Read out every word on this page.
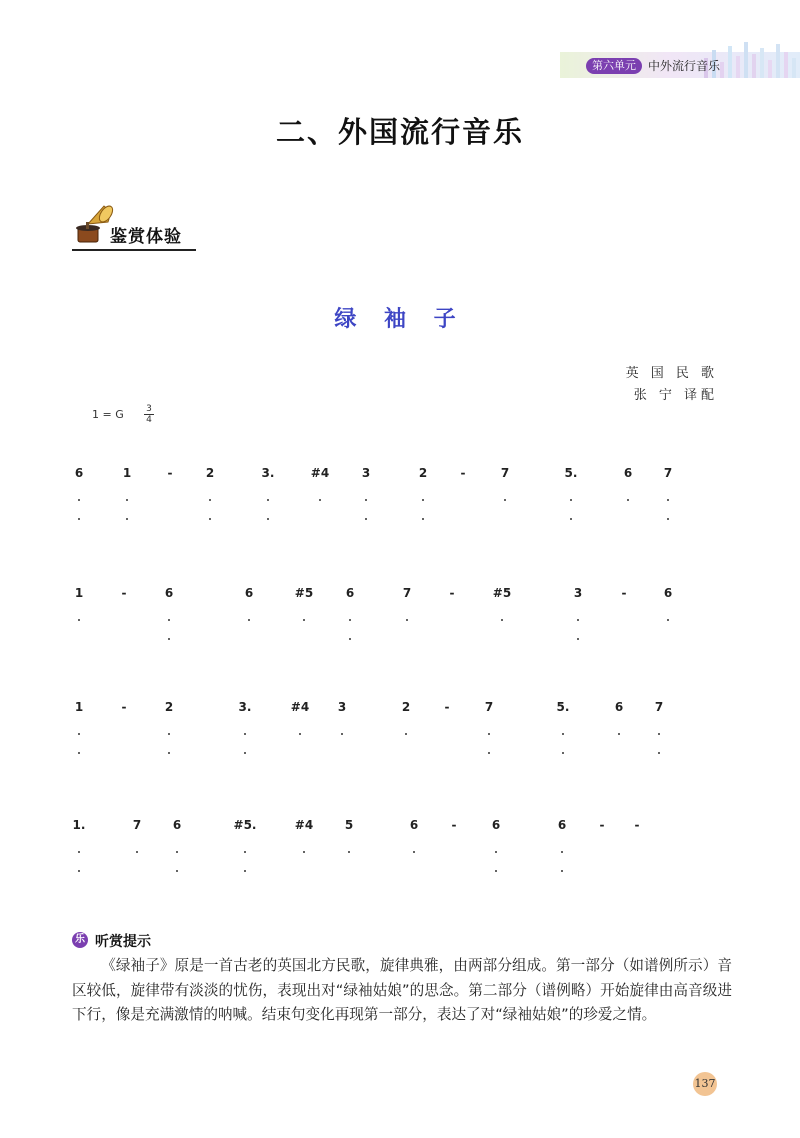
第六单元	中外流行音乐
二、外国流行音乐
鉴赏体验
绿 袖 子
英 国 民 歌
张 宁 译配
1 = G 3
4
6	1	-	2	3.	#4	3	2	-	7	5.	6	7
1	-	6	6	#5	6	7	-	#5	3	-	6
1	-	2	3.	#4 3	2	-	7	5.	6	7
1.	7	6	#5.	#4	5	6	-	6	6	-	-
乐 听赏提示
《绿袖子》原是一首古老的英国北方民歌，旋律典雅，由两部分组成。第一部分（如谱例所示）音区较低，旋律带有淡淡的忧伤，表现出对“绿袖姑娘”的思念。第二部分（谱例略）开始旋律由高音级进下行，像是充满激情的呐喊。结束句变化再现第一部分，表达了对“绿袖姑娘”的珍爱之情。
137
